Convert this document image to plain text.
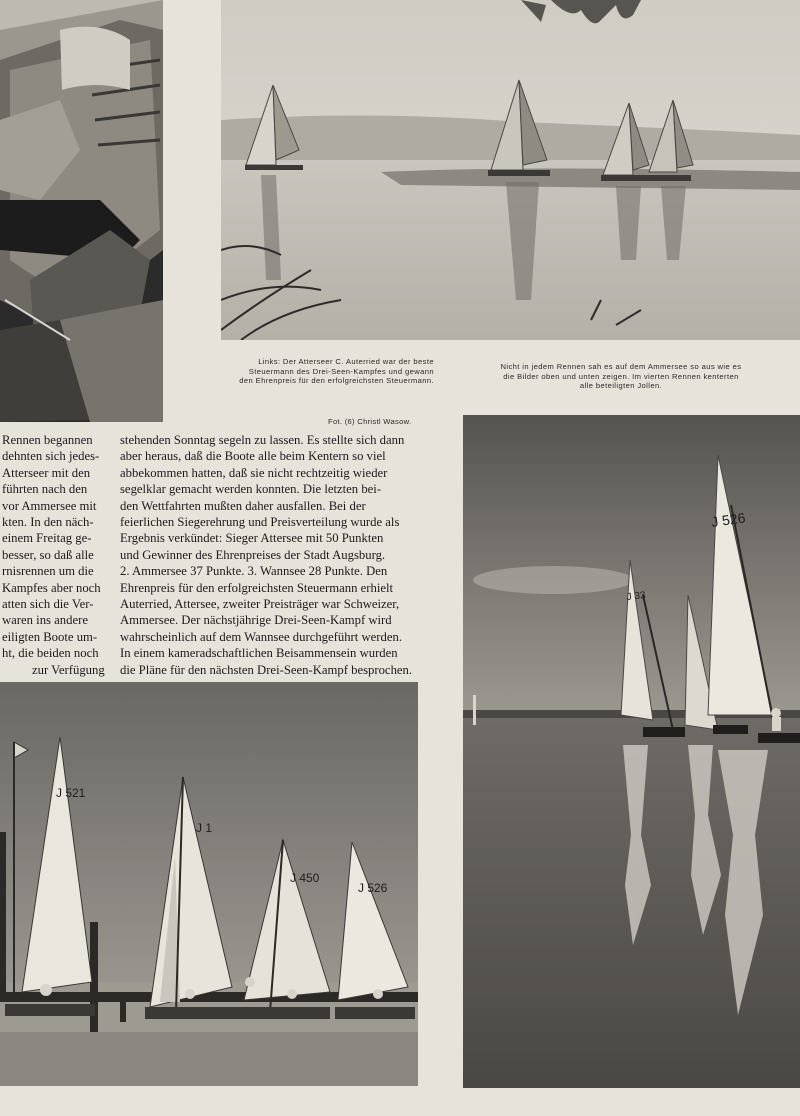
Links: Der Atterseer C. Auterried war der beste
Steuermann des Drei-Seen-Kampfes und gewann
den Ehrenpreis für den erfolgreichsten Steuermann.
Nicht in jedem Rennen sah es auf dem Ammersee so aus wie es
die Bilder oben und unten zeigen. Im vierten Rennen kenterten
alle beteiligten Jollen.
Fot. (6) Christl Wasow.

Rennen begannen

dehnten sich jedes-

Atterseer mit den

führten nach den

vor Ammersee mit

kten. In den näch-

einem Freitag ge-

besser, so daß alle

rnisrennen um die

Kampfes aber noch

atten sich die Ver-

waren ins andere

eiligten Boote um-

ht, die beiden noch

zur Verfügung

stehenden Sonntag segeln zu lassen. Es stellte sich dann

aber heraus, daß die Boote alle beim Kentern so viel

abbekommen hatten, daß sie nicht rechtzeitig wieder

segelklar gemacht werden konnten. Die letzten bei-

den Wettfahrten mußten daher ausfallen. Bei der

feierlichen Siegerehrung und Preisverteilung wurde als

Ergebnis verkündet: Sieger Attersee mit 50 Punkten

und Gewinner des Ehrenpreises der Stadt Augsburg.

2. Ammersee 37 Punkte. 3. Wannsee 28 Punkte. Den

Ehrenpreis für den erfolgreichsten Steuermann erhielt

Auterried, Attersee, zweiter Preisträger war Schweizer,

Ammersee. Der nächstjährige Drei-Seen-Kampf wird

wahrscheinlich auf dem Wannsee durchgeführt werden.

In einem kameradschaftlichen Beisammensein wurden

die Pläne für den nächsten Drei-Seen-Kampf besprochen.

J 526
J 33
J 521
J 1
J 450
J 526
